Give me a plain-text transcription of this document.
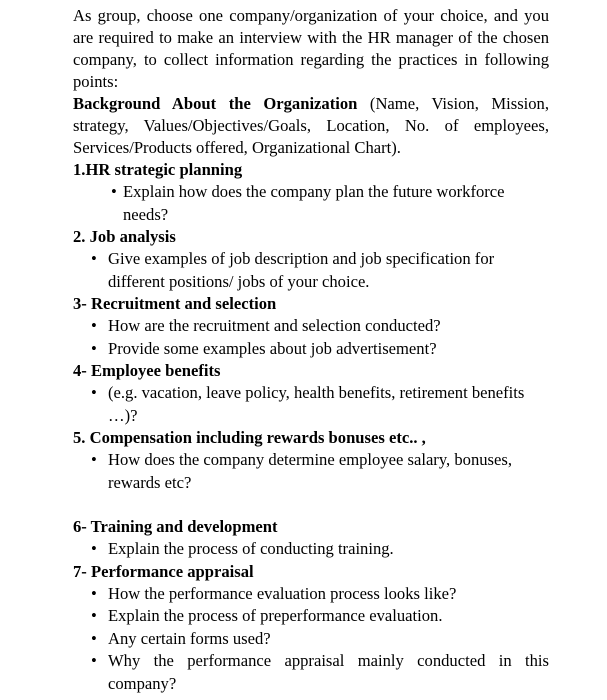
As group, choose one company/organization of your choice, and you are required to make an interview with the HR manager of the chosen company, to collect information regarding the practices in following points:

Background About the Organization (Name, Vision, Mission, strategy, Values/Objectives/Goals, Location, No. of employees, Services/Products offered, Organizational Chart).

1.HR strategic planning

• Explain how does the company plan the future workforce needs?

2. Job analysis

• Give examples of job description and job specification for different positions/ jobs of your choice.

3- Recruitment and selection

• How are the recruitment and selection conducted?
• Provide some examples about job advertisement?

4- Employee benefits

• (e.g. vacation, leave policy, health benefits, retirement benefits …)?

5. Compensation including rewards bonuses etc.. ,

• How does the company determine employee salary, bonuses, rewards etc?

6- Training and development

• Explain the process of conducting training.

7- Performance appraisal

• How the performance evaluation process looks like?
• Explain the process of preperformance evaluation.
• Any certain forms used?
• Why the performance appraisal mainly conducted in this company?
